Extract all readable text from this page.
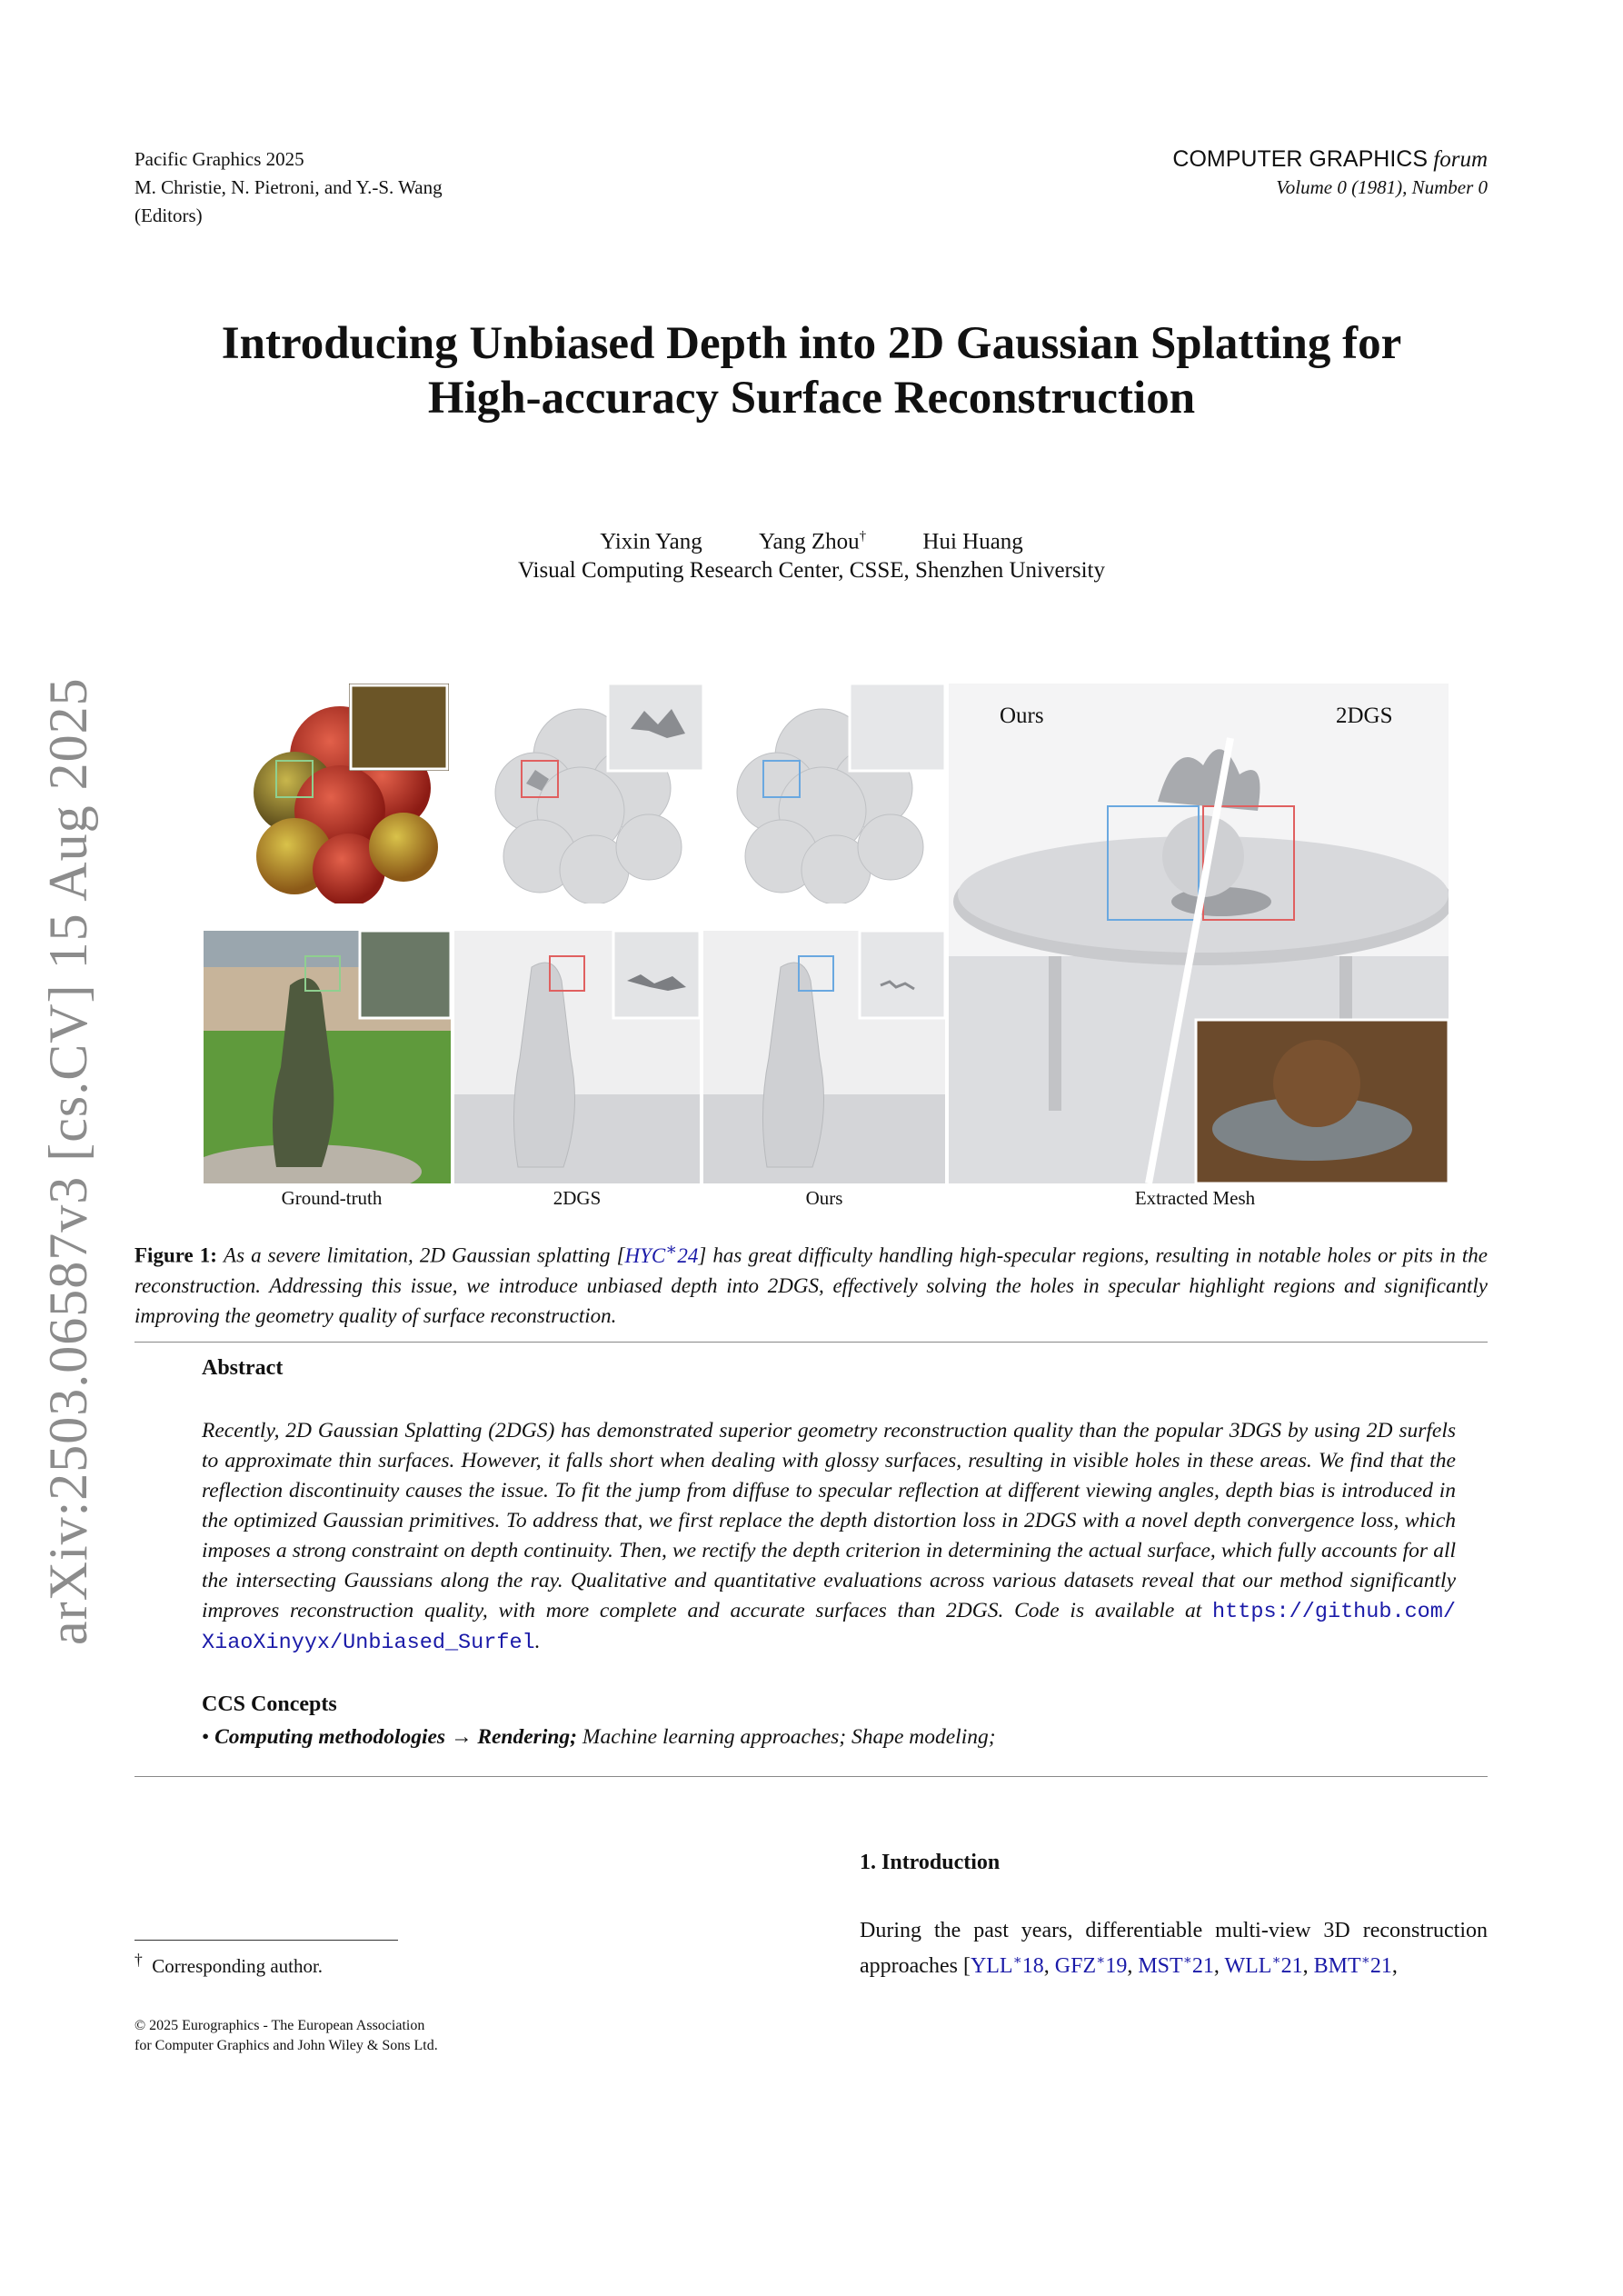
Pacific Graphics 2025
M. Christie, N. Pietroni, and Y.-S. Wang
(Editors)
COMPUTER GRAPHICS forum
Volume 0 (1981), Number 0
arXiv:2503.06587v3 [cs.CV] 15 Aug 2025
Introducing Unbiased Depth into 2D Gaussian Splatting for
High-accuracy Surface Reconstruction
Yixin Yang Yang Zhou† Hui Huang
Visual Computing Research Center, CSSE, Shenzhen University
Ours	2DGS
Ground-truth	2DGS	Ours	Extracted Mesh
Figure 1: As a severe limitation, 2D Gaussian splatting [HYC∗24] has great difficulty handling high-specular regions, resulting in notable holes or pits in the reconstruction. Addressing this issue, we introduce unbiased depth into 2DGS, effectively solving the holes in specular highlight regions and significantly improving the geometry quality of surface reconstruction.
Abstract
Recently, 2D Gaussian Splatting (2DGS) has demonstrated superior geometry reconstruction quality than the popular 3DGS by using 2D surfels to approximate thin surfaces. However, it falls short when dealing with glossy surfaces, resulting in visible holes in these areas. We find that the reflection discontinuity causes the issue. To fit the jump from diffuse to specular reflection at different viewing angles, depth bias is introduced in the optimized Gaussian primitives. To address that, we first replace the depth distortion loss in 2DGS with a novel depth convergence loss, which imposes a strong constraint on depth continuity. Then, we rectify the depth criterion in determining the actual surface, which fully accounts for all the intersecting Gaussians along the ray. Qualitative and quantitative evaluations across various datasets reveal that our method significantly improves reconstruction quality, with more complete and accurate surfaces than 2DGS. Code is available at https://github.com/ XiaoXinyyx/Unbiased_Surfel.
CCS Concepts
• Computing methodologies → Rendering; Machine learning approaches; Shape modeling;
1. Introduction
During the past years, differentiable multi-view 3D reconstruction approaches [YLL∗18, GFZ∗19, MST∗21, WLL∗21, BMT∗21,
† Corresponding author.
© 2025 Eurographics - The European Association
for Computer Graphics and John Wiley & Sons Ltd.
